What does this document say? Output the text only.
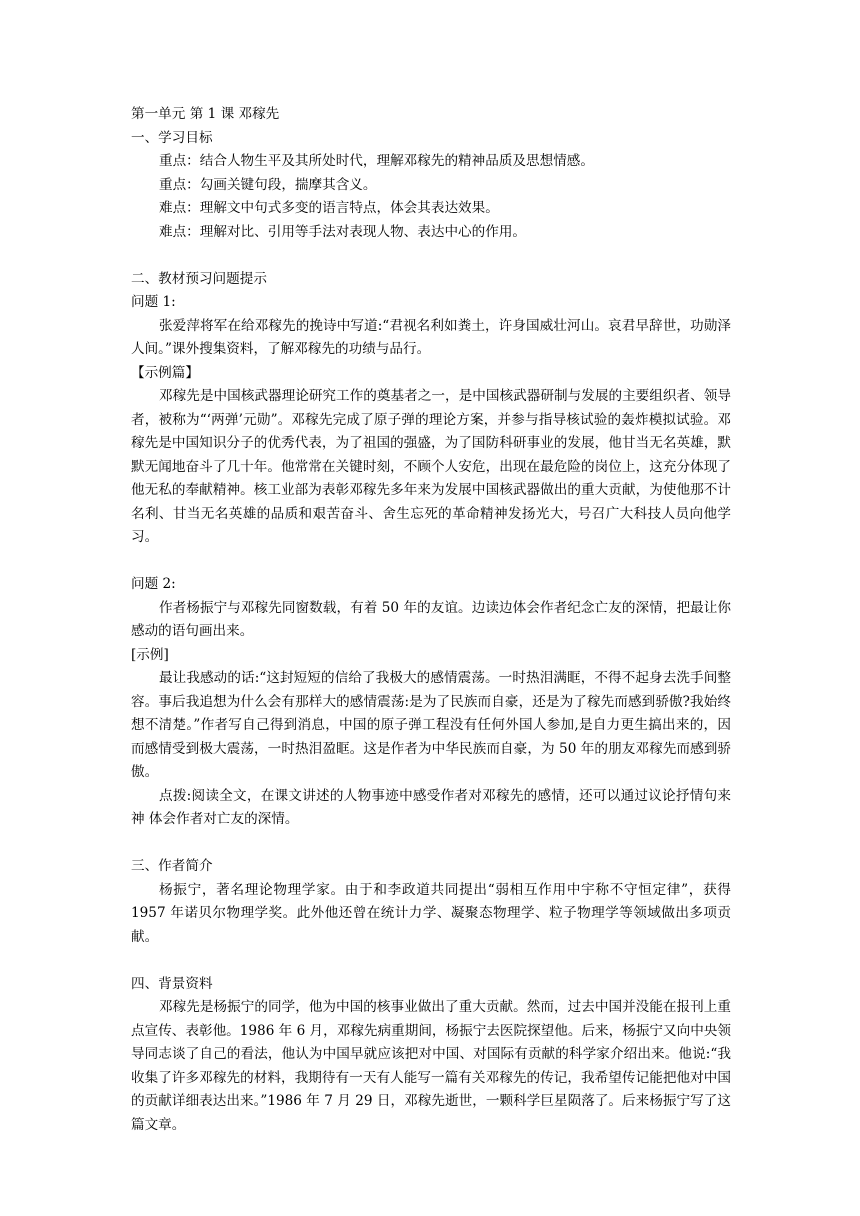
第一单元 第 1 课 邓稼先
一、学习目标
重点：结合人物生平及其所处时代，理解邓稼先的精神品质及思想情感。
重点：勾画关键句段，揣摩其含义。
难点：理解文中句式多变的语言特点，体会其表达效果。
难点：理解对比、引用等手法对表现人物、表达中心的作用。
二、教材预习问题提示
问题 1:
张爱萍将军在给邓稼先的挽诗中写道:“君视名利如粪土，许身国威壮河山。哀君早辞世，功勋泽人间。”课外搜集资料，了解邓稼先的功绩与品行。
【示例篇】
邓稼先是中国核武器理论研究工作的奠基者之一，是中国核武器研制与发展的主要组织者、领导者，被称为“‘两弹’元勋”。邓稼先完成了原子弹的理论方案，并参与指导核试验的轰炸模拟试验。邓稼先是中国知识分子的优秀代表，为了祖国的强盛，为了国防科研事业的发展，他甘当无名英雄，默默无闻地奋斗了几十年。他常常在关键时刻，不顾个人安危，出现在最危险的岗位上，这充分体现了他无私的奉献精神。核工业部为表彰邓稼先多年来为发展中国核武器做出的重大贡献，为使他那不计名利、甘当无名英雄的品质和艰苦奋斗、舍生忘死的革命精神发扬光大，号召广大科技人员向他学习。
问题 2:
作者杨振宁与邓稼先同窗数载，有着 50 年的友谊。边读边体会作者纪念亡友的深情，把最让你感动的语句画出来。
[示例]
最让我感动的话:“这封短短的信给了我极大的感情震荡。一时热泪满眶，不得不起身去洗手间整容。事后我追想为什么会有那样大的感情震荡:是为了民族而自豪，还是为了稼先而感到骄傲?我始终想不清楚。”作者写自己得到消息，中国的原子弹工程没有任何外国人参加,是自力更生搞出来的，因而感情受到极大震荡，一时热泪盈眶。这是作者为中华民族而自豪，为 50 年的朋友邓稼先而感到骄傲。
点拨:阅读全文，在课文讲述的人物事迹中感受作者对邓稼先的感情，还可以通过议论抒情句来 神 体会作者对亡友的深情。
三、作者简介
杨振宁，著名理论物理学家。由于和李政道共同提出“弱相互作用中宇称不守恒定律”，获得 1957 年诺贝尔物理学奖。此外他还曾在统计力学、凝聚态物理学、粒子物理学等领域做出多项贡献。
四、背景资料
邓稼先是杨振宁的同学，他为中国的核事业做出了重大贡献。然而，过去中国并没能在报刊上重点宣传、表彰他。1986 年 6 月，邓稼先病重期间，杨振宁去医院探望他。后来，杨振宁又向中央领导同志谈了自己的看法，他认为中国早就应该把对中国、对国际有贡献的科学家介绍出来。他说:“我收集了许多邓稼先的材料，我期待有一天有人能写一篇有关邓稼先的传记，我希望传记能把他对中国的贡献详细表达出来。”1986 年 7 月 29 日，邓稼先逝世，一颗科学巨星陨落了。后来杨振宁写了这篇文章。
